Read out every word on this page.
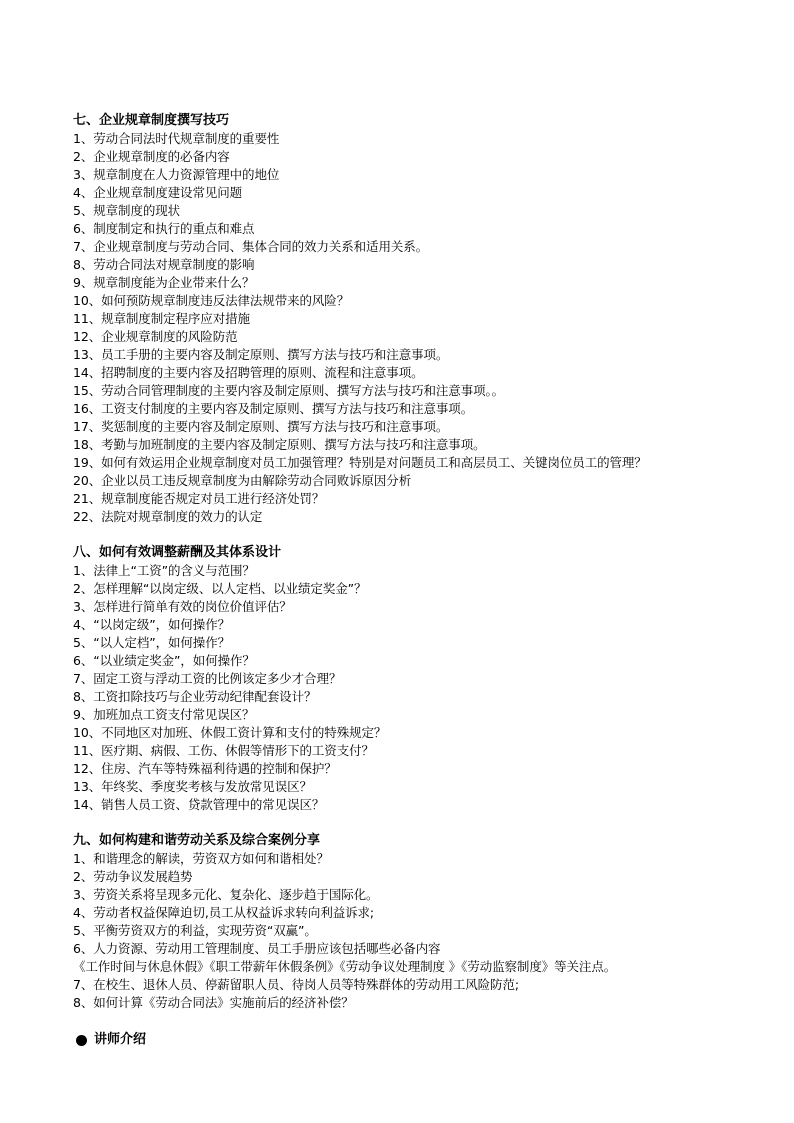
七、企业规章制度撰写技巧
1、劳动合同法时代规章制度的重要性
2、企业规章制度的必备内容
3、规章制度在人力资源管理中的地位
4、企业规章制度建设常见问题
5、规章制度的现状
6、制度制定和执行的重点和难点
7、企业规章制度与劳动合同、集体合同的效力关系和适用关系。
8、劳动合同法对规章制度的影响
9、规章制度能为企业带来什么？
10、如何预防规章制度违反法律法规带来的风险？
11、规章制度制定程序应对措施
12、企业规章制度的风险防范
13、员工手册的主要内容及制定原则、撰写方法与技巧和注意事项。
14、招聘制度的主要内容及招聘管理的原则、流程和注意事项。
15、劳动合同管理制度的主要内容及制定原则、撰写方法与技巧和注意事项。。
16、工资支付制度的主要内容及制定原则、撰写方法与技巧和注意事项。
17、奖惩制度的主要内容及制定原则、撰写方法与技巧和注意事项。
18、考勤与加班制度的主要内容及制定原则、撰写方法与技巧和注意事项。
19、如何有效运用企业规章制度对员工加强管理？特别是对问题员工和高层员工、关键岗位员工的管理？
20、企业以员工违反规章制度为由解除劳动合同败诉原因分析
21、规章制度能否规定对员工进行经济处罚？
22、法院对规章制度的效力的认定
八、如何有效调整薪酬及其体系设计
1、法律上“工资”的含义与范围？
2、怎样理解“以岗定级、以人定档、以业绩定奖金”？
3、怎样进行简单有效的岗位价值评估？
4、“以岗定级”，如何操作？
5、“以人定档”，如何操作？
6、“以业绩定奖金”，如何操作？
7、固定工资与浮动工资的比例该定多少才合理？
8、工资扣除技巧与企业劳动纪律配套设计？
9、加班加点工资支付常见误区？
10、不同地区对加班、休假工资计算和支付的特殊规定？
11、医疗期、病假、工伤、休假等情形下的工资支付？
12、住房、汽车等特殊福利待遇的控制和保护？
13、年终奖、季度奖考核与发放常见误区？
14、销售人员工资、贷款管理中的常见误区？
九、如何构建和谐劳动关系及综合案例分享
1、和谐理念的解读，劳资双方如何和谐相处？
2、劳动争议发展趋势
3、劳资关系将呈现多元化、复杂化、逐步趋于国际化。
4、劳动者权益保障迫切,员工从权益诉求转向利益诉求;
5、平衡劳资双方的利益，实现劳资“双赢”。
6、人力资源、劳动用工管理制度、员工手册应该包括哪些必备内容
《工作时间与休息休假》《职工带薪年休假条例》《劳动争议处理制度 》《劳动监察制度》等关注点。
7、在校生、退休人员、停薪留职人员、待岗人员等特殊群体的劳动用工风险防范;
8、如何计算《劳动合同法》实施前后的经济补偿？
讲师介绍
